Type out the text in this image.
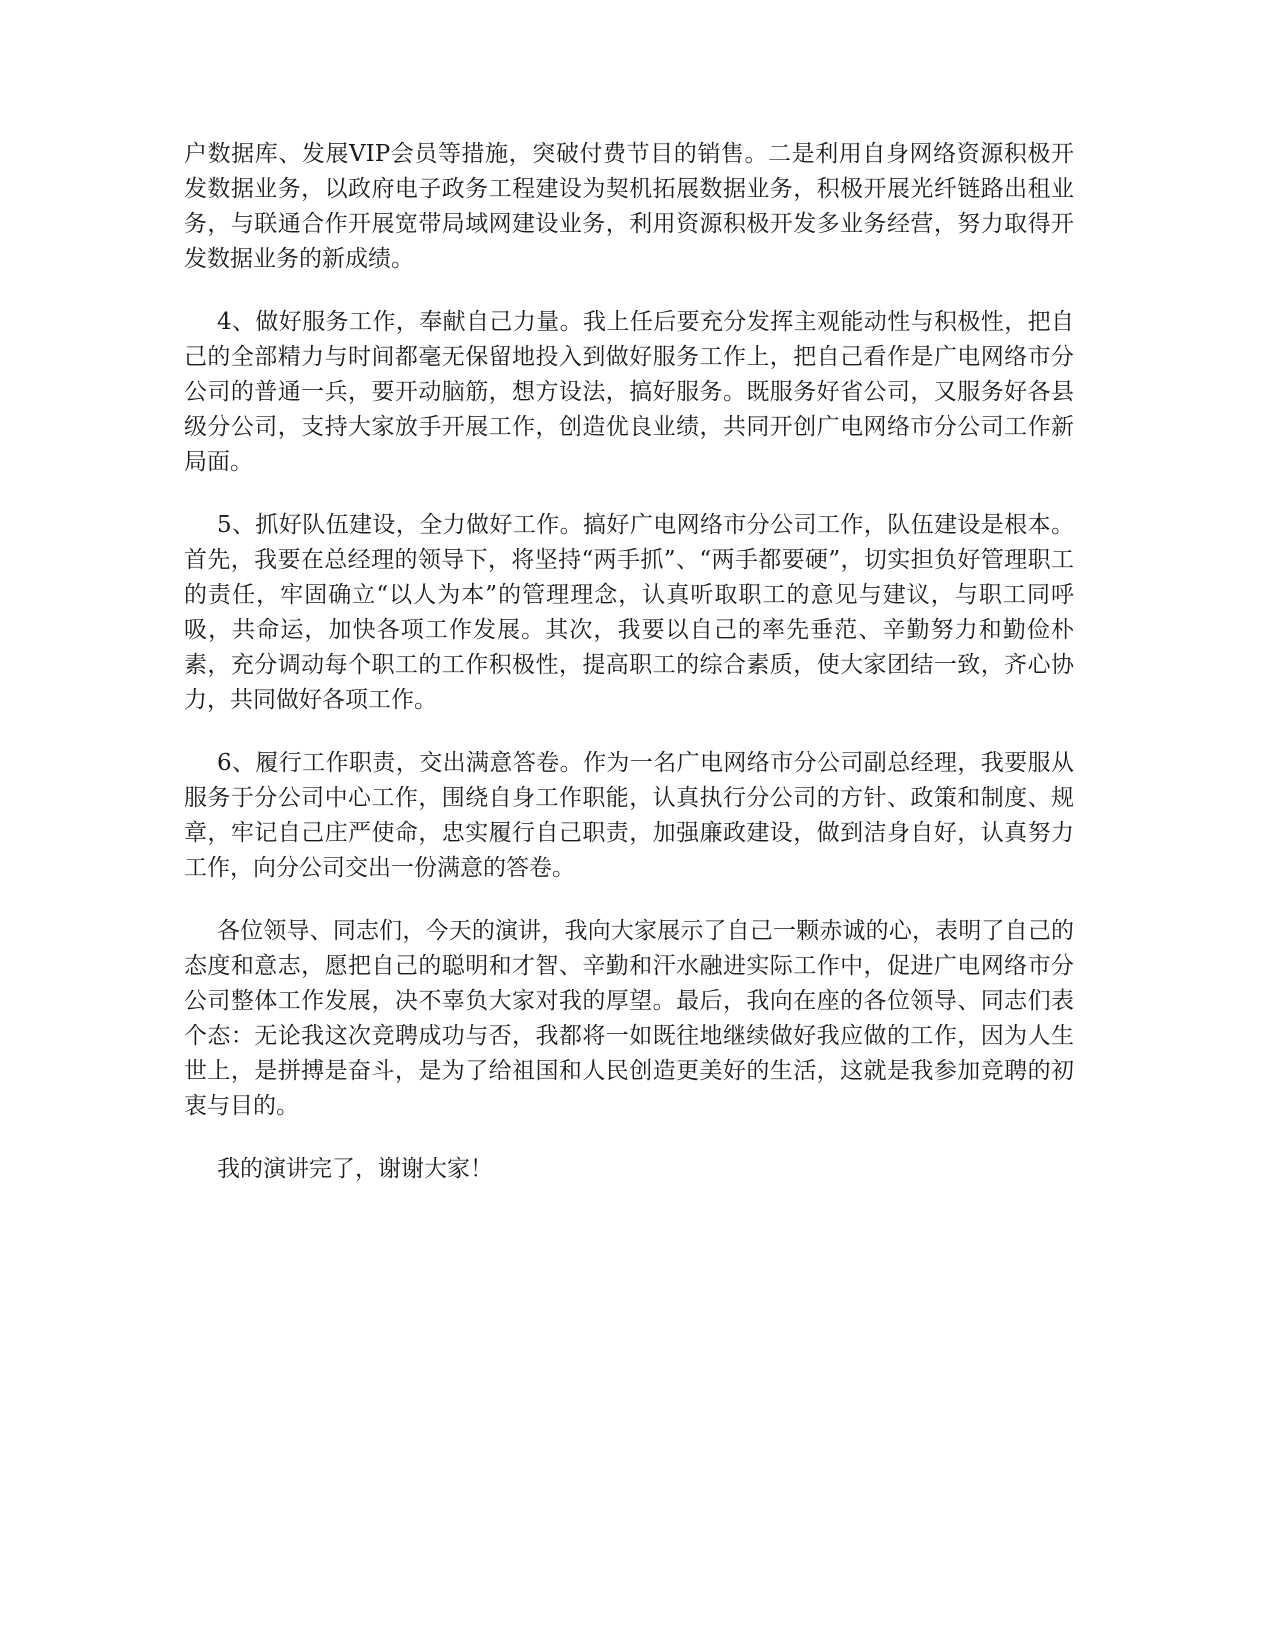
户数据库、发展VIP会员等措施，突破付费节目的销售。二是利用自身网络资源积极开发数据业务，以政府电子政务工程建设为契机拓展数据业务，积极开展光纤链路出租业务，与联通合作开展宽带局域网建设业务，利用资源积极开发多业务经营，努力取得开发数据业务的新成绩。

4、做好服务工作，奉献自己力量。我上任后要充分发挥主观能动性与积极性，把自己的全部精力与时间都毫无保留地投入到做好服务工作上，把自己看作是广电网络市分公司的普通一兵，要开动脑筋，想方设法，搞好服务。既服务好省公司，又服务好各县级分公司，支持大家放手开展工作，创造优良业绩，共同开创广电网络市分公司工作新局面。

5、抓好队伍建设，全力做好工作。搞好广电网络市分公司工作，队伍建设是根本。首先，我要在总经理的领导下，将坚持“两手抓”、“两手都要硬”，切实担负好管理职工的责任，牢固确立“以人为本”的管理理念，认真听取职工的意见与建议，与职工同呼吸，共命运，加快各项工作发展。其次，我要以自己的率先垂范、辛勤努力和勤俭朴素，充分调动每个职工的工作积极性，提高职工的综合素质，使大家团结一致，齐心协力，共同做好各项工作。

6、履行工作职责，交出满意答卷。作为一名广电网络市分公司副总经理，我要服从服务于分公司中心工作，围绕自身工作职能，认真执行分公司的方针、政策和制度、规章，牢记自己庄严使命，忠实履行自己职责，加强廉政建设，做到洁身自好，认真努力工作，向分公司交出一份满意的答卷。

各位领导、同志们，今天的演讲，我向大家展示了自己一颗赤诚的心，表明了自己的态度和意志，愿把自己的聪明和才智、辛勤和汗水融进实际工作中，促进广电网络市分公司整体工作发展，决不辜负大家对我的厚望。最后，我向在座的各位领导、同志们表个态：无论我这次竞聘成功与否，我都将一如既往地继续做好我应做的工作，因为人生世上，是拼搏是奋斗，是为了给祖国和人民创造更美好的生活，这就是我参加竞聘的初衷与目的。

我的演讲完了，谢谢大家！
